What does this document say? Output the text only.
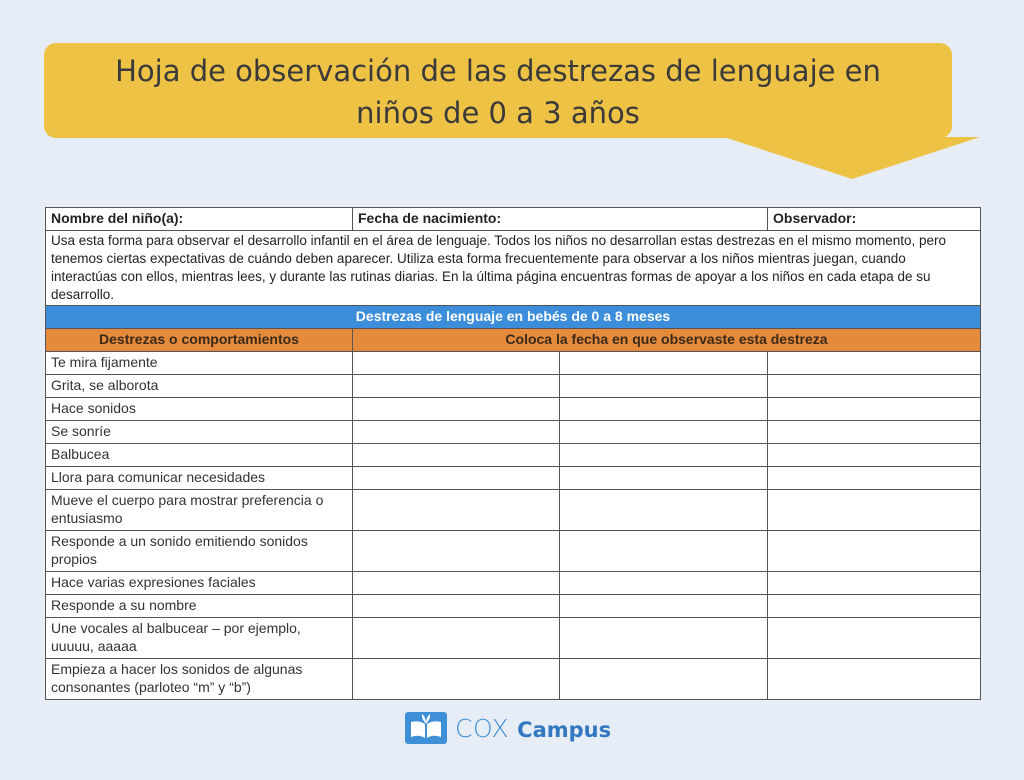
Hoja de observación de las destrezas de lenguaje en
niños de 0 a 3 años
Nombre del niño(a):	Fecha de nacimiento:		Observador:
Usa esta forma para observar el desarrollo infantil en el área de lenguaje. Todos los niños no desarrollan estas destrezas en el mismo momento, pero tenemos ciertas expectativas de cuándo deben aparecer. Utiliza esta forma frecuentemente para observar a los niños mientras juegan, cuando interactúas con ellos, mientras lees, y durante las rutinas diarias. En la última página encuentras formas de apoyar a los niños en cada etapa de su desarrollo.			
Destrezas de lenguaje en bebés de 0 a 8 meses			
Destrezas o comportamientos	Coloca la fecha en que observaste esta destreza		
Te mira fijamente			
Grita, se alborota			
Hace sonidos			
Se sonríe			
Balbucea			
Llora para comunicar necesidades			
Mueve el cuerpo para mostrar preferencia o entusiasmo			
Responde a un sonido emitiendo sonidos propios			
Hace varias expresiones faciales			
Responde a su nombre			
Une vocales al balbucear – por ejemplo, uuuuu, aaaaa			
Empieza a hacer los sonidos de algunas consonantes (parloteo “m” y “b”)			
COX Campus
